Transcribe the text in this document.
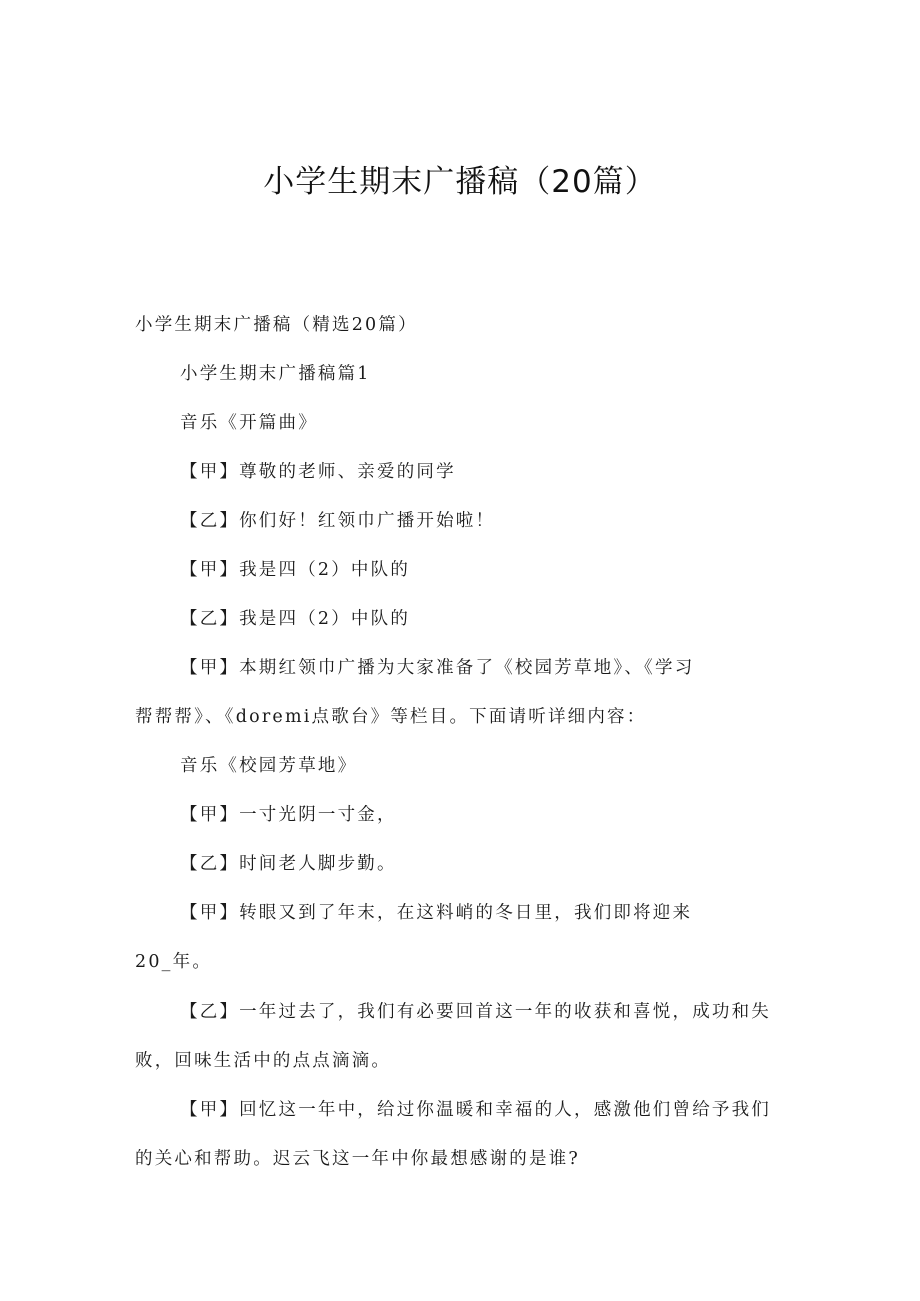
小学生期末广播稿（20篇）
小学生期末广播稿（精选20篇）
小学生期末广播稿篇1
音乐《开篇曲》
【甲】尊敬的老师、亲爱的同学
【乙】你们好！红领巾广播开始啦！
【甲】我是四（2）中队的
【乙】我是四（2）中队的
【甲】本期红领巾广播为大家准备了《校园芳草地》、《学习
帮帮帮》、《doremi点歌台》等栏目。下面请听详细内容：
音乐《校园芳草地》
【甲】一寸光阴一寸金，
【乙】时间老人脚步勤。
【甲】转眼又到了年末，在这料峭的冬日里，我们即将迎来
20_年。
【乙】一年过去了，我们有必要回首这一年的收获和喜悦，成功和失
败，回味生活中的点点滴滴。
【甲】回忆这一年中，给过你温暖和幸福的人，感激他们曾给予我们
的关心和帮助。迟云飞这一年中你最想感谢的是谁?
